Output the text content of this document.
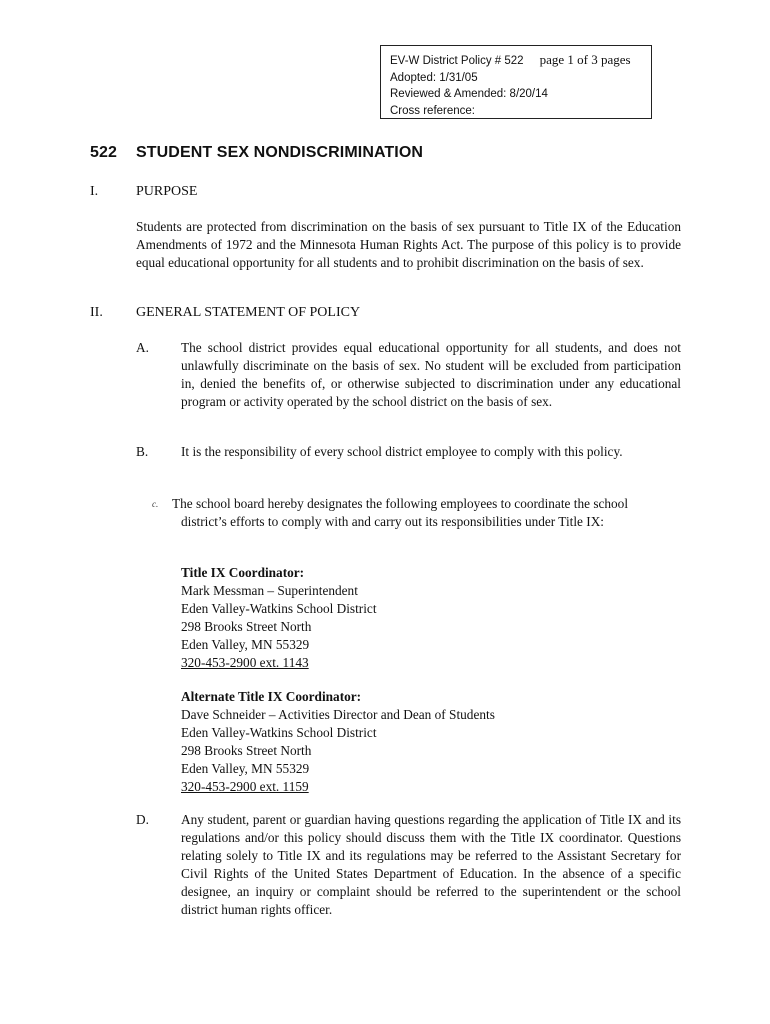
EV-W District Policy # 522 page 1 of 3 pages
Adopted: 1/31/05
Reviewed & Amended: 8/20/14
Cross reference:
522 STUDENT SEX NONDISCRIMINATION
I.	PURPOSE
Students are protected from discrimination on the basis of sex pursuant to Title IX of the Education Amendments of 1972 and the Minnesota Human Rights Act. The purpose of this policy is to provide equal educational opportunity for all students and to prohibit discrimination on the basis of sex.
II. GENERAL STATEMENT OF POLICY
A. The school district provides equal educational opportunity for all students, and does not unlawfully discriminate on the basis of sex. No student will be excluded from participation in, denied the benefits of, or otherwise subjected to discrimination under any educational program or activity operated by the school district on the basis of sex.
B. It is the responsibility of every school district employee to comply with this policy.
c. The school board hereby designates the following employees to coordinate the school district’s efforts to comply with and carry out its responsibilities under Title IX:
Title IX Coordinator:
Mark Messman – Superintendent
Eden Valley-Watkins School District
298 Brooks Street North
Eden Valley, MN 55329
320-453-2900 ext. 1143
Alternate Title IX Coordinator:
Dave Schneider – Activities Director and Dean of Students
Eden Valley-Watkins School District
298 Brooks Street North
Eden Valley, MN 55329
320-453-2900 ext. 1159
D. Any student, parent or guardian having questions regarding the application of Title IX and its regulations and/or this policy should discuss them with the Title IX coordinator. Questions relating solely to Title IX and its regulations may be referred to the Assistant Secretary for Civil Rights of the United States Department of Education. In the absence of a specific designee, an inquiry or complaint should be referred to the superintendent or the school district human rights officer.
